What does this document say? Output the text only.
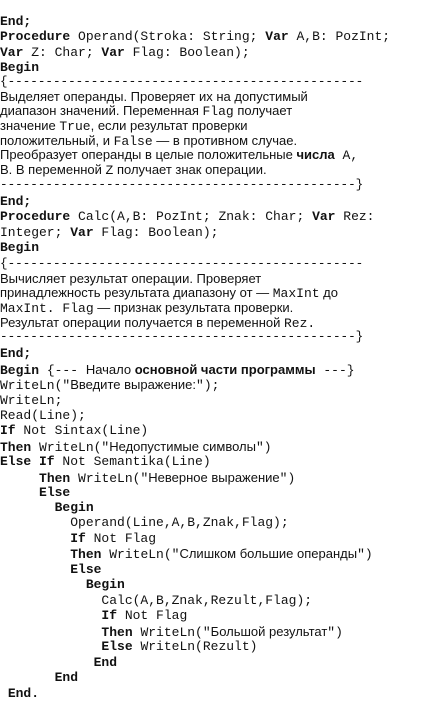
End;
Procedure Operand(Stroka: String; Var A,B: PozInt;
Var Z: Char; Var Flag: Boolean);
Begin
{-----------------------------------------------
Выделяет операнды. Проверяет их на допустимый
диапазон значений. Переменная Flag получает
значение True, если результат проверки
положительный, и False — в противном случае.
Преобразует операнды в целые положительные числа A,
B. В переменной Z получает знак операции.
-----------------------------------------------}
End;
Procedure Calc(A,B: PozInt; Znak: Char; Var Rez:
Integer; Var Flag: Boolean);
Begin
{-----------------------------------------------
Вычисляет результат операции. Проверяет
принадлежность результата диапазону от — MaxInt до
MaxInt. Flag — признак результата проверки.
Результат операции получается в переменной Rez.
-----------------------------------------------}
End;
Begin {--- Начало основной части программы ---}
WriteLn("Введите выражение:");
WriteLn;
Read(Line);
If Not Sintax(Line)
Then WriteLn("Недопустимые символы")
Else If Not Semantika(Line)
Then WriteLn("Неверное выражение")
Else
Begin
Operand(Line,A,B,Znak,Flag);
If Not Flag
Then WriteLn("Слишком большие операнды")
Else
Begin
Calc(A,B,Znak,Rezult,Flag);
If Not Flag
Then WriteLn("Большой результат")
Else WriteLn(Rezult)
End
End
End.
